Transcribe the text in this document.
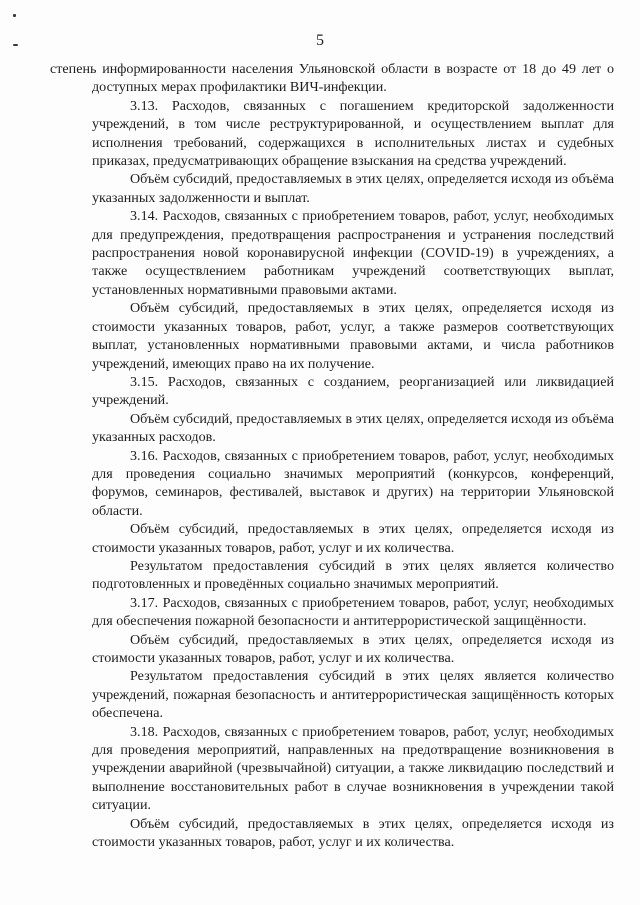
5

степень информированности населения Ульяновской области в возрасте от 18 до 49 лет о доступных мерах профилактики ВИЧ-инфекции.

3.13. Расходов, связанных с погашением кредиторской задолженности учреждений, в том числе реструктурированной, и осуществлением выплат для исполнения требований, содержащихся в исполнительных листах и судебных приказах, предусматривающих обращение взыскания на средства учреждений.

Объём субсидий, предоставляемых в этих целях, определяется исходя из объёма указанных задолженности и выплат.

3.14. Расходов, связанных с приобретением товаров, работ, услуг, необходимых для предупреждения, предотвращения распространения и устранения последствий распространения новой коронавирусной инфекции (COVID-19) в учреждениях, а также осуществлением работникам учреждений соответствующих выплат, установленных нормативными правовыми актами.

Объём субсидий, предоставляемых в этих целях, определяется исходя из стоимости указанных товаров, работ, услуг, а также размеров соответствующих выплат, установленных нормативными правовыми актами, и числа работников учреждений, имеющих право на их получение.

3.15. Расходов, связанных с созданием, реорганизацией или ликвидацией учреждений.

Объём субсидий, предоставляемых в этих целях, определяется исходя из объёма указанных расходов.

3.16. Расходов, связанных с приобретением товаров, работ, услуг, необходимых для проведения социально значимых мероприятий (конкурсов, конференций, форумов, семинаров, фестивалей, выставок и других) на территории Ульяновской области.

Объём субсидий, предоставляемых в этих целях, определяется исходя из стоимости указанных товаров, работ, услуг и их количества.

Результатом предоставления субсидий в этих целях является количество подготовленных и проведённых социально значимых мероприятий.

3.17. Расходов, связанных с приобретением товаров, работ, услуг, необходимых для обеспечения пожарной безопасности и антитеррористической защищённости.

Объём субсидий, предоставляемых в этих целях, определяется исходя из стоимости указанных товаров, работ, услуг и их количества.

Результатом предоставления субсидий в этих целях является количество учреждений, пожарная безопасность и антитеррористическая защищённость которых обеспечена.

3.18. Расходов, связанных с приобретением товаров, работ, услуг, необходимых для проведения мероприятий, направленных на предотвращение возникновения в учреждении аварийной (чрезвычайной) ситуации, а также ликвидацию последствий и выполнение восстановительных работ в случае возникновения в учреждении такой ситуации.

Объём субсидий, предоставляемых в этих целях, определяется исходя из стоимости указанных товаров, работ, услуг и их количества.
